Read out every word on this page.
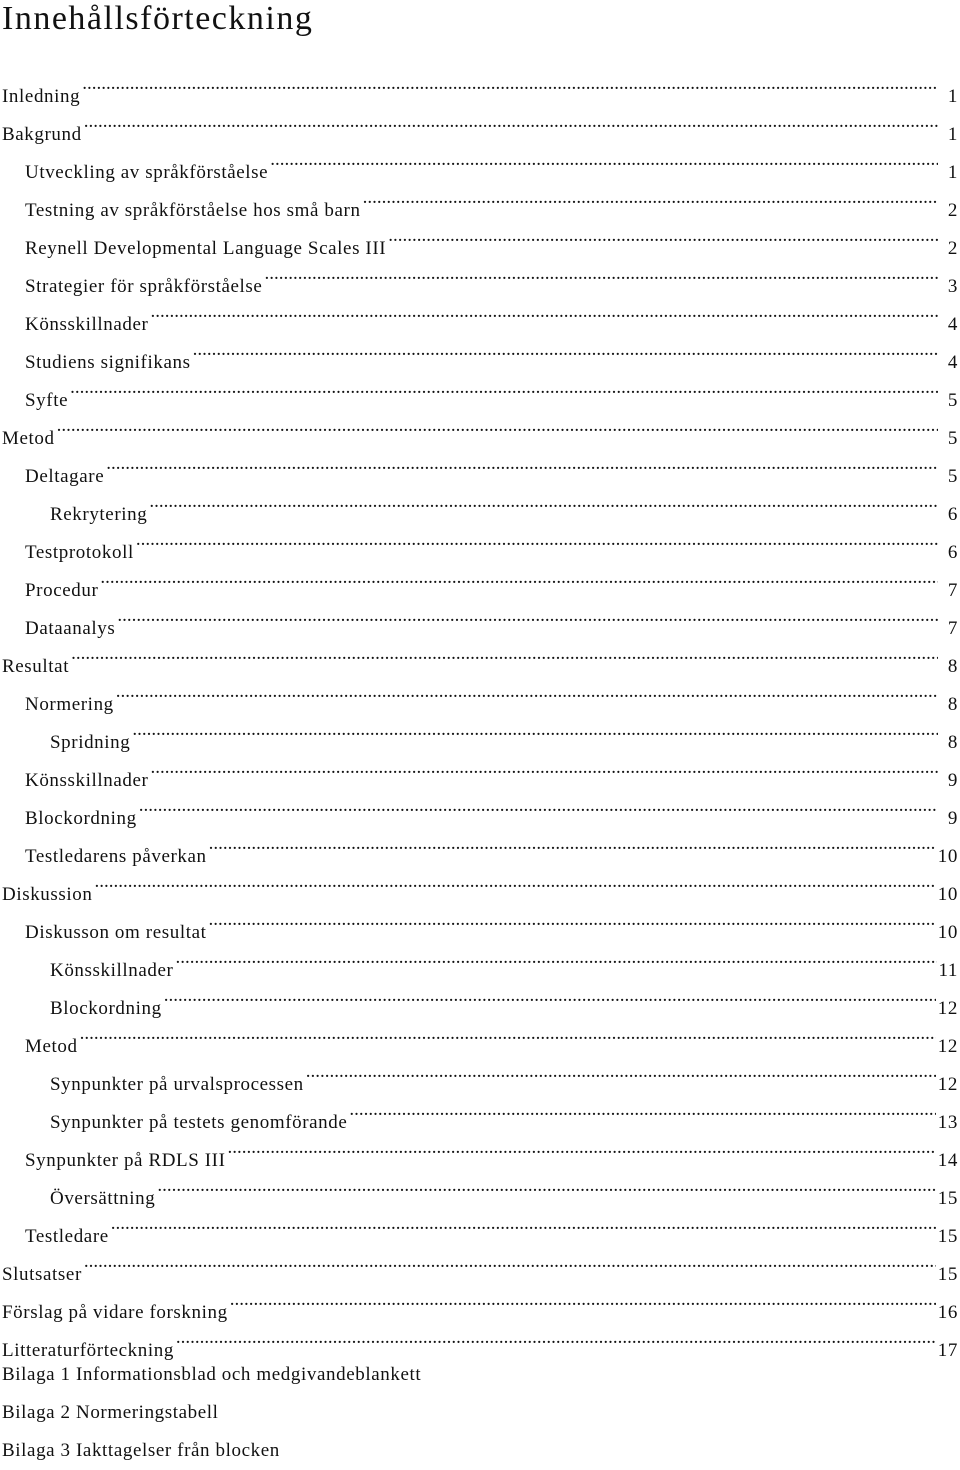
Innehållsförteckning
Inledning .....	1
Bakgrund .....	1
Utveckling av språkförståelse .....	1
Testning av språkförståelse hos små barn .....	2
Reynell Developmental Language Scales III .....	2
Strategier för språkförståelse .....	3
Könsskillnader .....	4
Studiens signifikans .....	4
Syfte .....	5
Metod .....	5
Deltagare .....	5
Rekrytering .....	6
Testprotokoll .....	6
Procedur .....	7
Dataanalys .....	7
Resultat .....	8
Normering .....	8
Spridning .....	8
Könsskillnader .....	9
Blockordning .....	9
Testledarens påverkan .....	10
Diskussion .....	10
Diskusson om resultat .....	10
Könsskillnader .....	11
Blockordning .....	12
Metod .....	12
Synpunkter på urvalsprocessen .....	12
Synpunkter på testets genomförande .....	13
Synpunkter på RDLS III .....	14
Översättning .....	15
Testledare .....	15
Slutsatser .....	15
Förslag på vidare forskning .....	16
Litteraturförteckning .....	17
Bilaga 1 Informationsblad och medgivandeblankett
Bilaga 2 Normeringstabell
Bilaga 3 Iakttagelser från blocken
